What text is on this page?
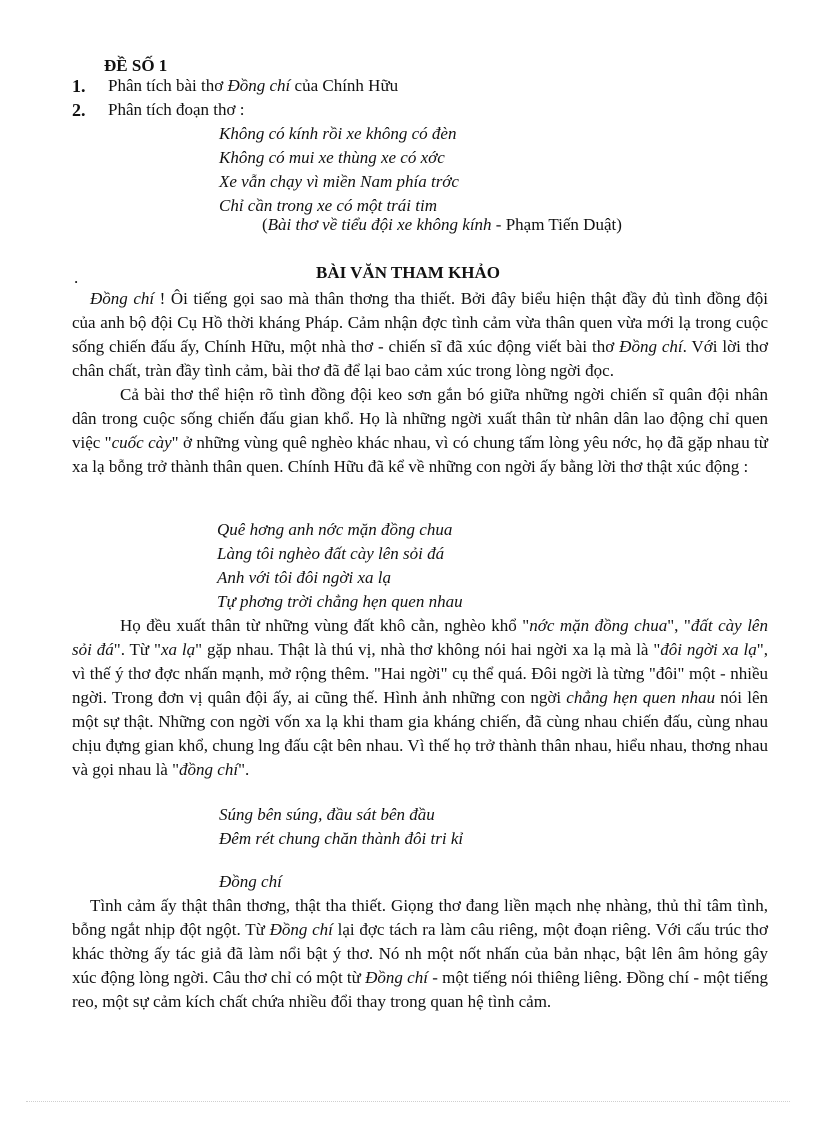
ĐỀ SỐ 1
1.	Phân tích bài thơ Đồng chí của Chính Hữu
2.	Phân tích đoạn thơ :
Không có kính rồi xe không có đèn
Không có mui xe thùng xe có xớc
Xe vẫn chạy vì miền Nam phía trớc
Chỉ cần trong xe có một trái tim
(Bài thơ về tiểu đội xe không kính - Phạm Tiến Duật)
.	BÀI VĂN THAM KHẢO
Đồng chí ! Ôi tiếng gọi sao mà thân thơng tha thiết. Bởi đây biểu hiện thật đầy đủ tình đồng đội của anh bộ đội Cụ Hồ thời kháng Pháp. Cảm nhận đợc tình cảm vừa thân quen vừa mới lạ trong cuộc sống chiến đấu ấy, Chính Hữu, một nhà thơ - chiến sĩ đã xúc động viết bài thơ Đồng chí. Với lời thơ chân chất, tràn đầy tình cảm, bài thơ đã để lại bao cảm xúc trong lòng ngời đọc.
Cả bài thơ thể hiện rõ tình đồng đội keo sơn gắn bó giữa những ngời chiến sĩ quân đội nhân dân trong cuộc sống chiến đấu gian khổ. Họ là những ngời xuất thân từ nhân dân lao động chỉ quen việc "cuốc cày" ở những vùng quê nghèo khác nhau, vì có chung tấm lòng yêu nớc, họ đã gặp nhau từ xa lạ bỗng trở thành thân quen. Chính Hữu đã kể về những con ngời ấy bằng lời thơ thật xúc động :
Quê hơng anh nớc mặn đồng chua
Làng tôi nghèo đất cày lên sỏi đá
Anh với tôi đôi ngời xa lạ
Tự phơng trời chẳng hẹn quen nhau
Họ đều xuất thân từ những vùng đất khô cằn, nghèo khổ "nớc mặn đồng chua", "đất cày lên sỏi đá". Từ "xa lạ" gặp nhau. Thật là thú vị, nhà thơ không nói hai ngời xa lạ mà là "đôi ngời xa lạ", vì thế ý thơ đợc nhấn mạnh, mở rộng thêm. "Hai ngời" cụ thể quá. Đôi ngời là từng "đôi" một - nhiều ngời. Trong đơn vị quân đội ấy, ai cũng thế. Hình ảnh những con ngời chẳng hẹn quen nhau nói lên một sự thật. Những con ngời vốn xa lạ khi tham gia kháng chiến, đã cùng nhau chiến đấu, cùng nhau chịu đựng gian khổ, chung lng đấu cật bên nhau. Vì thế họ trở thành thân nhau, hiểu nhau, thơng nhau và gọi nhau là "đồng chí".
Súng bên súng, đầu sát bên đầu
Đêm rét chung chăn thành đôi tri kỉ
Đồng chí
Tình cảm ấy thật thân thơng, thật tha thiết. Giọng thơ đang liền mạch nhẹ nhàng, thủ thỉ tâm tình, bỗng ngắt nhịp đột ngột. Từ Đồng chí lại đợc tách ra làm câu riêng, một đoạn riêng. Với cấu trúc thơ khác thờng ấy tác giả đã làm nổi bật ý thơ. Nó nh một nốt nhấn của bản nhạc, bật lên âm hỏng gây xúc động lòng ngời. Câu thơ chỉ có một từ Đồng chí - một tiếng nói thiêng liêng. Đồng chí - một tiếng reo, một sự cảm kích chất chứa nhiều đổi thay trong quan hệ tình cảm.
